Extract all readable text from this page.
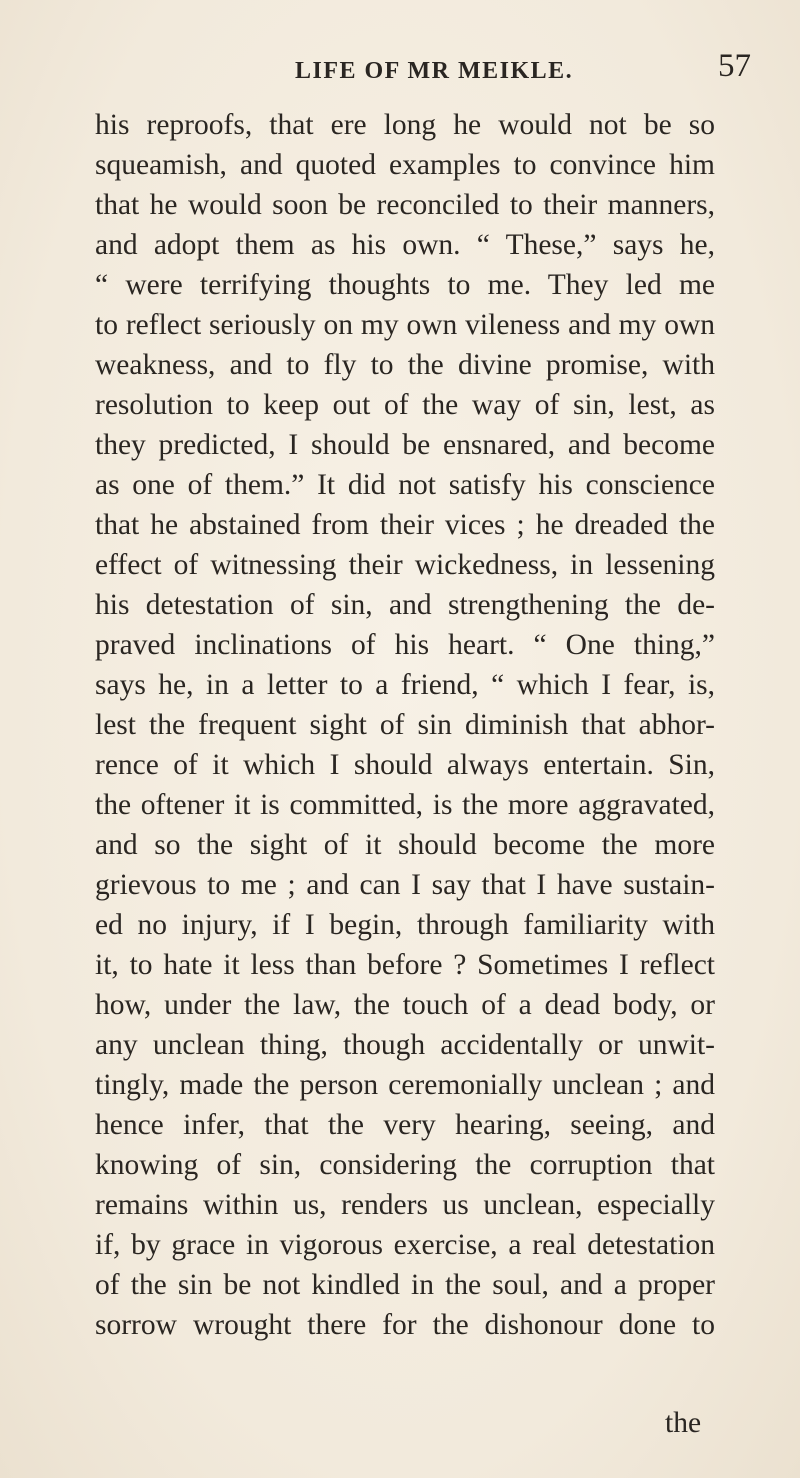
LIFE OF MR MEIKLE.	57
his reproofs, that ere long he would not be so
squeamish, and quoted examples to convince him
that he would soon be reconciled to their manners,
and adopt them as his own. “ These,” says he,
“ were terrifying thoughts to me. They led me
to reflect seriously on my own vileness and my own
weakness, and to fly to the divine promise, with
resolution to keep out of the way of sin, lest, as
they predicted, I should be ensnared, and become
as one of them.” It did not satisfy his conscience
that he abstained from their vices ; he dreaded the
effect of witnessing their wickedness, in lessening
his detestation of sin, and strengthening the de-
praved inclinations of his heart. “ One thing,”
says he, in a letter to a friend, “ which I fear, is,
lest the frequent sight of sin diminish that abhor-
rence of it which I should always entertain. Sin,
the oftener it is committed, is the more aggravated,
and so the sight of it should become the more
grievous to me ; and can I say that I have sustain-
ed no injury, if I begin, through familiarity with
it, to hate it less than before ? Sometimes I reflect
how, under the law, the touch of a dead body, or
any unclean thing, though accidentally or unwit-
tingly, made the person ceremonially unclean ; and
hence infer, that the very hearing, seeing, and
knowing of sin, considering the corruption that
remains within us, renders us unclean, especially
if, by grace in vigorous exercise, a real detestation
of the sin be not kindled in the soul, and a proper
sorrow wrought there for the dishonour done to
the
